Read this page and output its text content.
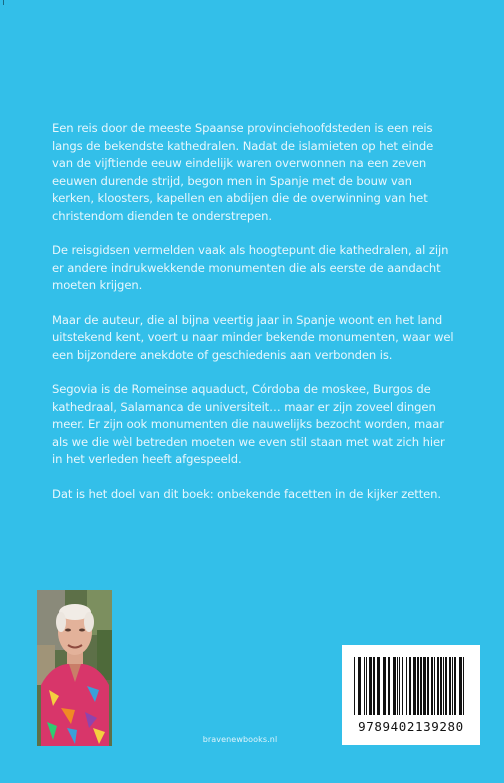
Een reis door de meeste Spaanse provinciehoofdsteden is een reis langs de bekendste kathedralen. Nadat de islamieten op het einde van de vijftiende eeuw eindelijk waren overwonnen na een zeven eeuwen durende strijd, begon men in Spanje met de bouw van kerken, kloosters, kapellen en abdijen die de overwinning van het christendom dienden te onderstrepen.

De reisgidsen vermelden vaak als hoogtepunt die kathedralen, al zijn er andere indrukwekkende monumenten die als eerste de aandacht moeten krijgen.

Maar de auteur, die al bijna veertig jaar in Spanje woont en het land uitstekend kent, voert u naar minder bekende monumenten, waar wel een bijzondere anekdote of geschiedenis aan verbonden is.

Segovia is de Romeinse aquaduct, Córdoba de moskee, Burgos de kathedraal, Salamanca de universiteit… maar er zijn zoveel dingen meer. Er zijn ook monumenten die nauwelijks bezocht worden, maar als we die wèl betreden moeten we even stil staan met wat zich hier in het verleden heeft afgespeeld.

Dat is het doel van dit boek: onbekende facetten in de kijker zetten.

bravenewbooks.nl
9789402139280
